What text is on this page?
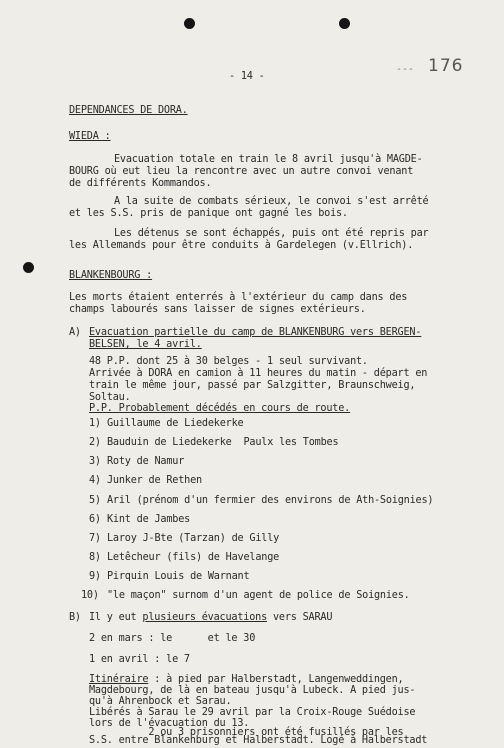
- 14 -
--- 176
DEPENDANCES DE DORA.
WIEDA :
Evacuation totale en train le 8 avril jusqu'à MAGDE-
BOURG où eut lieu la rencontre avec un autre convoi venant
de différents Kommandos.
A la suite de combats sérieux, le convoi s'est arrêté
et les S.S. pris de panique ont gagné les bois.
Les détenus se sont échappés, puis ont été repris par
les Allemands pour être conduits à Gardelegen (v.Ellrich).
BLANKENBOURG :
Les morts étaient enterrés à l'extérieur du camp dans des
champs labourés sans laisser de signes extérieurs.
A) Evacuation partielle du camp de BLANKENBURG vers BERGEN-
BELSEN, le 4 avril.
48 P.P. dont 25 à 30 belges - 1 seul survivant.
Arrivée à DORA en camion à 11 heures du matin - départ en
train le même jour, passé par Salzgitter, Braunschweig,
Soltau.
P.P. Probablement décédés en cours de route.
1) Guillaume de Liedekerke
2) Bauduin de Liedekerke  Paulx les Tombes
3) Roty de Namur
4) Junker de Rethen
5) Aril (prénom d'un fermier des environs de Ath-Soignies)
6) Kint de Jambes
7) Laroy J-Bte (Tarzan) de Gilly
8) Letêcheur (fils) de Havelange
9) Pirquin Louis de Warnant
10) "le maçon" surnom d'un agent de police de Soignies.
B) Il y eut plusieurs évacuations vers SARAU
2 en mars : le      et le 30
1 en avril : le 7
Itinéraire : à pied par Halberstadt, Langenweddingen,
Magdebourg, de là en bateau jusqu'à Lubeck. A pied jus-
qu'à Ahrenbock et Sarau.
Libérés à Sarau le 29 avril par la Croix-Rouge Suédoise
lors de l'évacuation du 13.
2 ou 3 prisonniers ont été fusillés par les
S.S. entre Blankenburg et Halberstadt. Logé à Halberstadt
